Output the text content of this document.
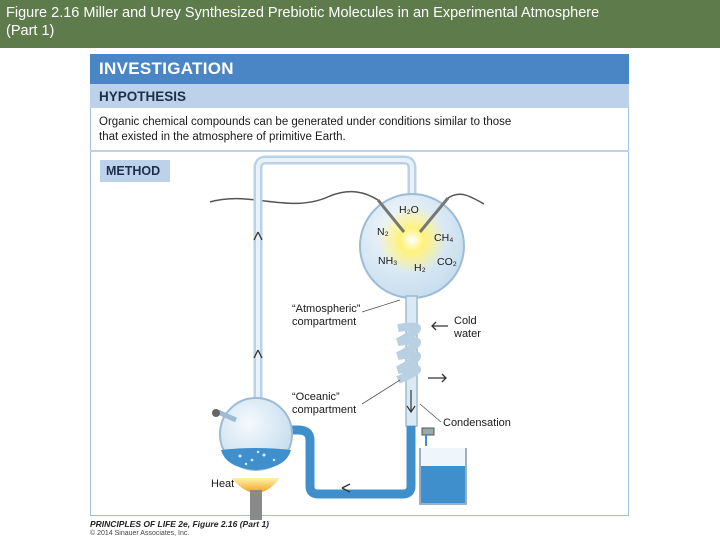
Figure 2.16 Miller and Urey Synthesized Prebiotic Molecules in an Experimental Atmosphere
(Part 1)
INVESTIGATION
HYPOTHESIS
Organic chemical compounds can be generated under conditions similar to those
that existed in the atmosphere of primitive Earth.
METHOD
H₂O
N₂	CH₄
NH₃
H₂ CO₂
“Atmospheric”
compartment	Cold
water
“Oceanic”
compartment
Condensation
Heat
PRINCIPLES OF LIFE 2e, Figure 2.16 (Part 1)
© 2014 Sinauer Associates, Inc.
